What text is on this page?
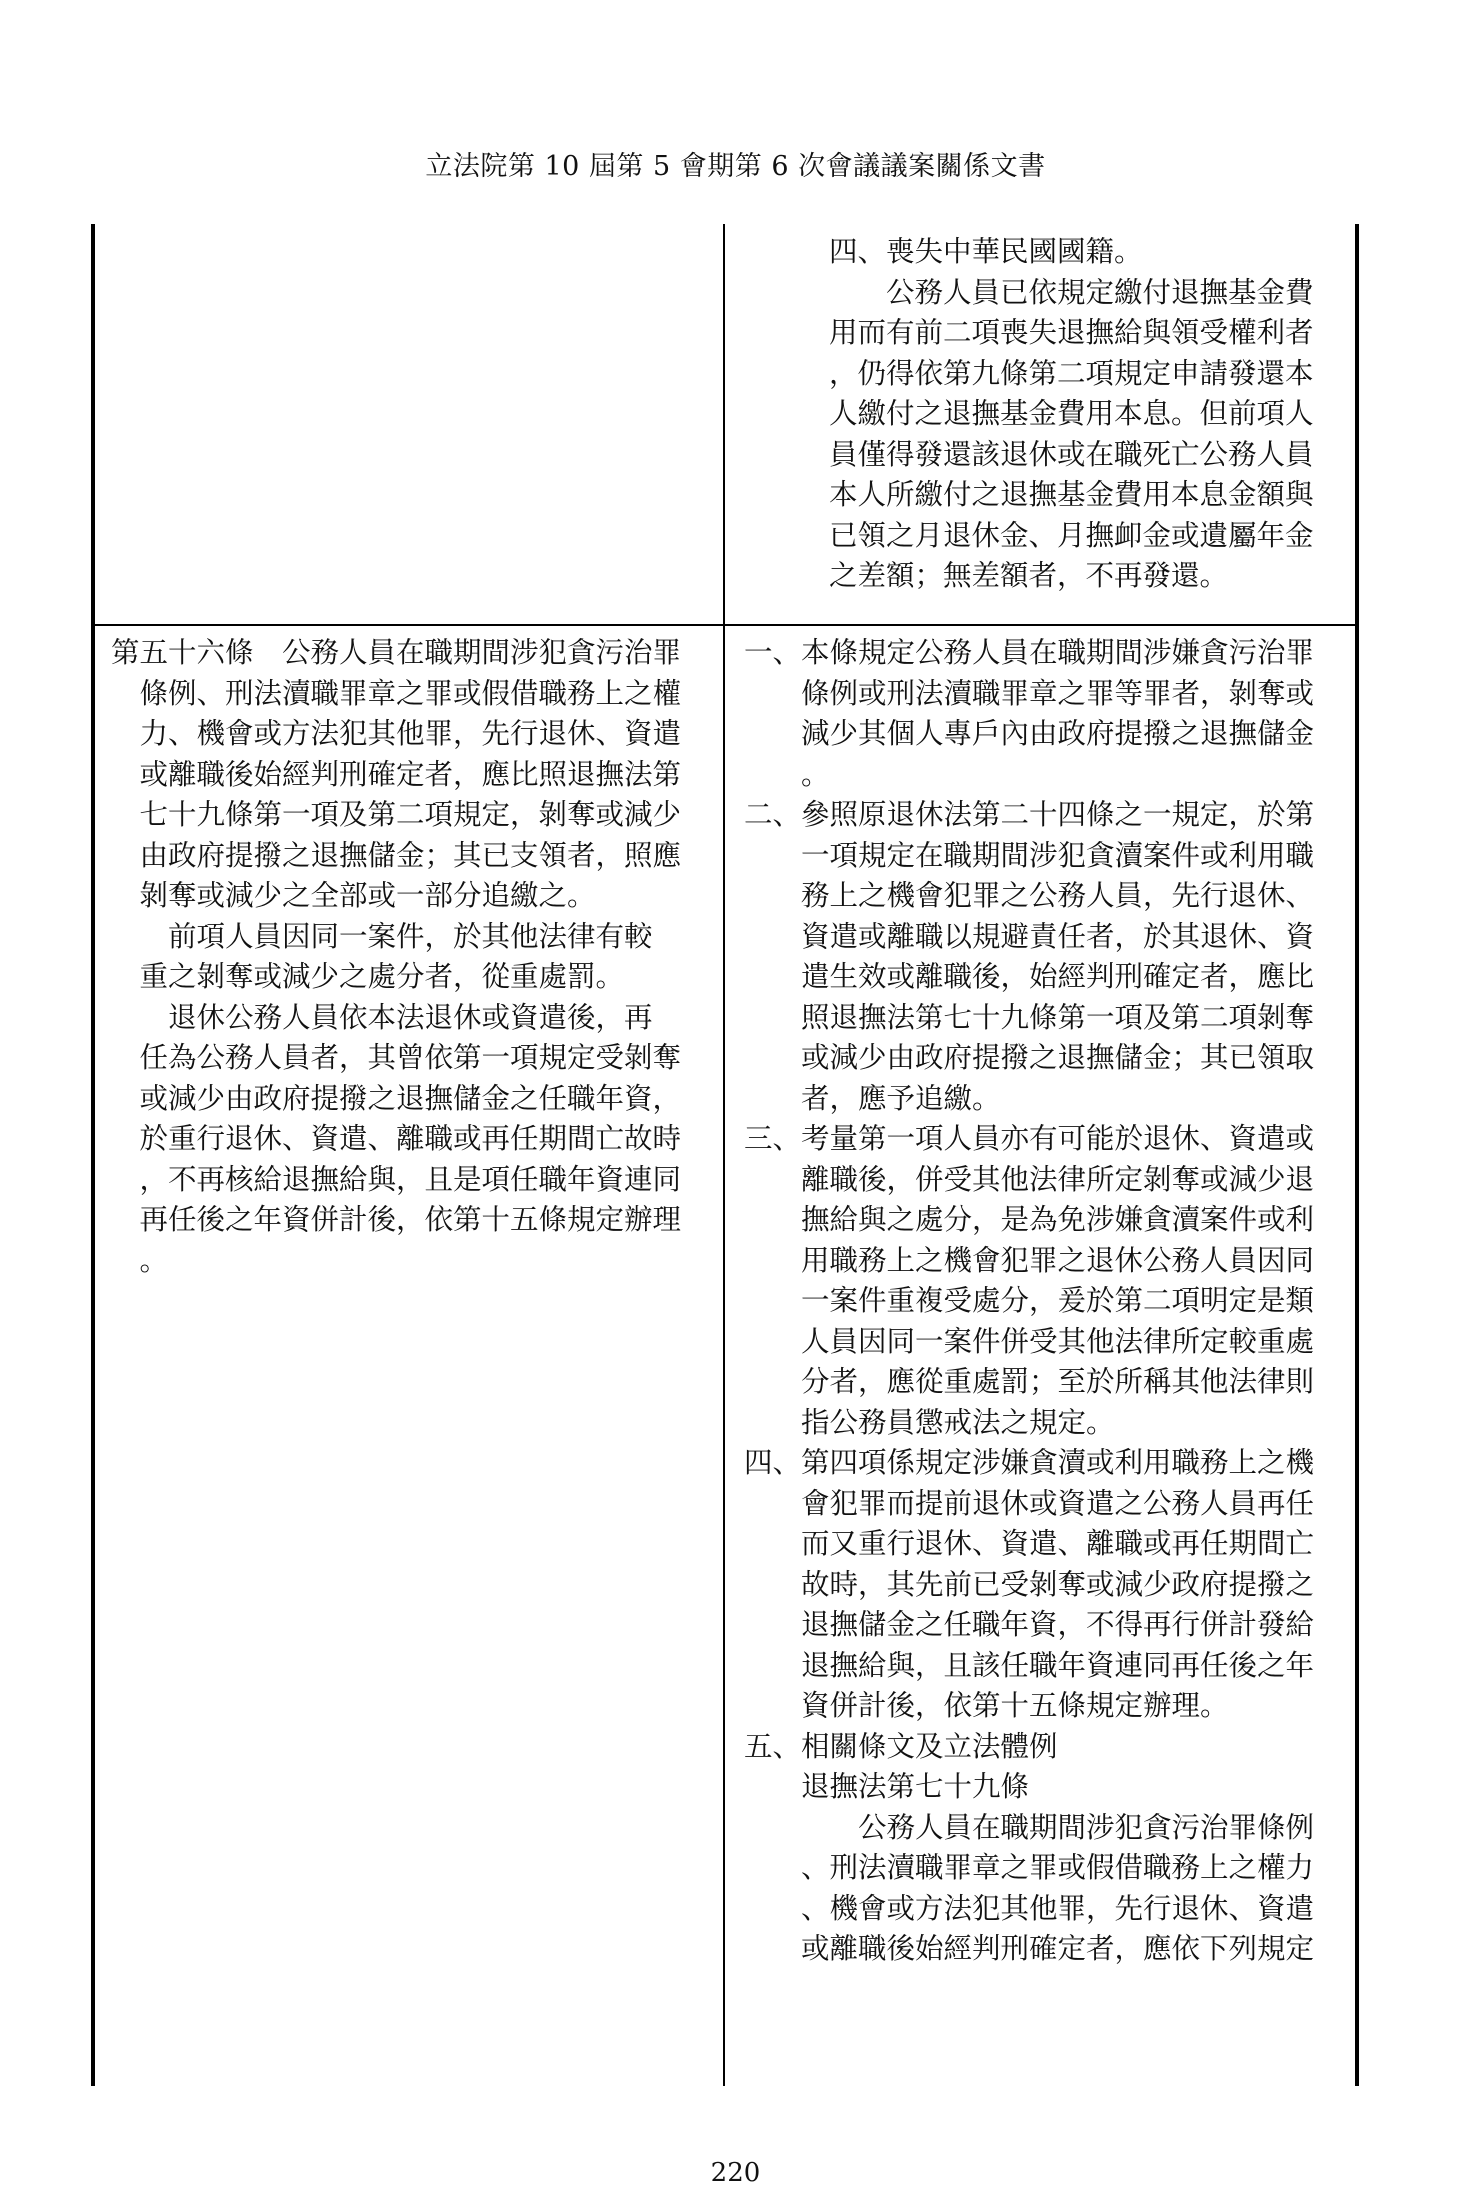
立法院第 10 屆第 5 會期第 6 次會議議案關係文書
四、喪失中華民國國籍。
　　公務人員已依規定繳付退撫基金費
用而有前二項喪失退撫給與領受權利者
，仍得依第九條第二項規定申請發還本
人繳付之退撫基金費用本息。但前項人
員僅得發還該退休或在職死亡公務人員
本人所繳付之退撫基金費用本息金額與
已領之月退休金、月撫卹金或遺屬年金
之差額；無差額者，不再發還。
第五十六條　公務人員在職期間涉犯貪污治罪
　條例、刑法瀆職罪章之罪或假借職務上之權
　力、機會或方法犯其他罪，先行退休、資遣
　或離職後始經判刑確定者，應比照退撫法第
　七十九條第一項及第二項規定，剝奪或減少
　由政府提撥之退撫儲金；其已支領者，照應
　剝奪或減少之全部或一部分追繳之。
　　前項人員因同一案件，於其他法律有較
　重之剝奪或減少之處分者，從重處罰。
　　退休公務人員依本法退休或資遣後，再
　任為公務人員者，其曾依第一項規定受剝奪
　或減少由政府提撥之退撫儲金之任職年資，
　於重行退休、資遣、離職或再任期間亡故時
　，不再核給退撫給與，且是項任職年資連同
　再任後之年資併計後，依第十五條規定辦理
　。
一、本條規定公務人員在職期間涉嫌貪污治罪
　　條例或刑法瀆職罪章之罪等罪者，剝奪或
　　減少其個人專戶內由政府提撥之退撫儲金
　　。
二、參照原退休法第二十四條之一規定，於第
　　一項規定在職期間涉犯貪瀆案件或利用職
　　務上之機會犯罪之公務人員，先行退休、
　　資遣或離職以規避責任者，於其退休、資
　　遣生效或離職後，始經判刑確定者，應比
　　照退撫法第七十九條第一項及第二項剝奪
　　或減少由政府提撥之退撫儲金；其已領取
　　者，應予追繳。
三、考量第一項人員亦有可能於退休、資遣或
　　離職後，併受其他法律所定剝奪或減少退
　　撫給與之處分，是為免涉嫌貪瀆案件或利
　　用職務上之機會犯罪之退休公務人員因同
　　一案件重複受處分，爰於第二項明定是類
　　人員因同一案件併受其他法律所定較重處
　　分者，應從重處罰；至於所稱其他法律則
　　指公務員懲戒法之規定。
四、第四項係規定涉嫌貪瀆或利用職務上之機
　　會犯罪而提前退休或資遣之公務人員再任
　　而又重行退休、資遣、離職或再任期間亡
　　故時，其先前已受剝奪或減少政府提撥之
　　退撫儲金之任職年資，不得再行併計發給
　　退撫給與，且該任職年資連同再任後之年
　　資併計後，依第十五條規定辦理。
五、相關條文及立法體例
　　退撫法第七十九條
　　　　公務人員在職期間涉犯貪污治罪條例
　　、刑法瀆職罪章之罪或假借職務上之權力
　　、機會或方法犯其他罪，先行退休、資遣
　　或離職後始經判刑確定者，應依下列規定
220
